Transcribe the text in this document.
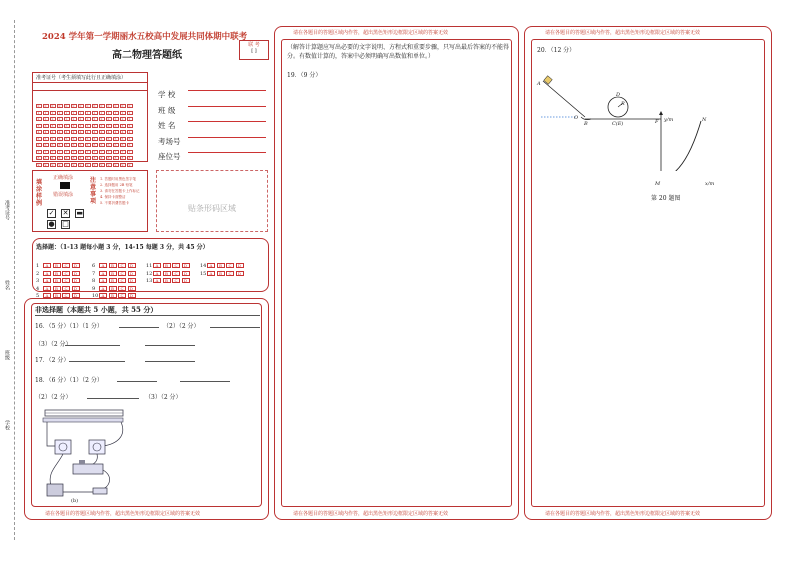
准考证号
姓名
班级
学校
2024 学年第一学期丽水五校高中发展共同体期中联考
联 考
[ ]
高二物理答题纸
准考证号（考生须填写此行且正确填涂）
0 0 0 0 0 0 0 0 0 0 0 0 0 0
1 1 1 1 1 1 1 1 1 1 1 1 1 1
2 2 2 2 2 2 2 2 2 2 2 2 2 2
3 3 3 3 3 3 3 3 3 3 3 3 3 3
4 4 4 4 4 4 4 4 4 4 4 4 4 4
5 5 5 5 5 5 5 5 5 5 5 5 5 5
6 6 6 6 6 6 6 6 6 6 6 6 6 6
7 7 7 7 7 7 7 7 7 7 7 7 7 7
8 8 8 8 8 8 8 8 8 8 8 8 8 8
9 9 9 9 9 9 9 9 9 9 9 9 9 9
学 校
班 级
姓 名
考场号
座位号
填
涂
样
例
正确填涂
错误填涂
✓ ✕ ▬
● □
注
意
事
项
1. 答题时用黑色签字笔
2. 选择题用 2B 铅笔
3. 请勿在答题卡上作标记
4. 保持卡面整洁
5. 不要折叠答题卡
贴条形码区域
选择题：（1-13 题每小题 3 分，14-15 每题 3 分，共 45 分）
1 A B C D
2 A B C D
3 A B C D
4 A B C D
5 A B C D
6 A B C D
7 A B C D
8 A B C D
9 A B C D
10 A B C D
11 A B C D
12 A B C D
13 A B C D
14 A B C D
15 A B C D
非选择题（本题共 5 小题，共 55 分）
16．（5 分）（1）（1 分）	（2）（2 分）
（3）（2 分）
17．（2 分）
18．（6 分）（1）（2 分）
（2）（2 分）	（3）（2 分）
(b)
请在各题目的答题区域内作答，超出黑色矩形边框限定区域的答案无效
请在各题目的答题区域内作答，超出黑色矩形边框限定区域的答案无效
（解答计算题应写出必要的文字说明、方程式和重要步骤，只写出最后答案的不能得分。有数值计算的，答案中必须明确写出数值和单位。）
19．（9 分）
请在各题目的答题区域内作答，超出黑色矩形边框限定区域的答案无效
请在各题目的答题区域内作答，超出黑色矩形边框限定区域的答案无效
20．（12 分）
A
D
R
O
B	C(E)	F y/m	N
M	x/m
第 20 题图
请在各题目的答题区域内作答，超出黑色矩形边框限定区域的答案无效
